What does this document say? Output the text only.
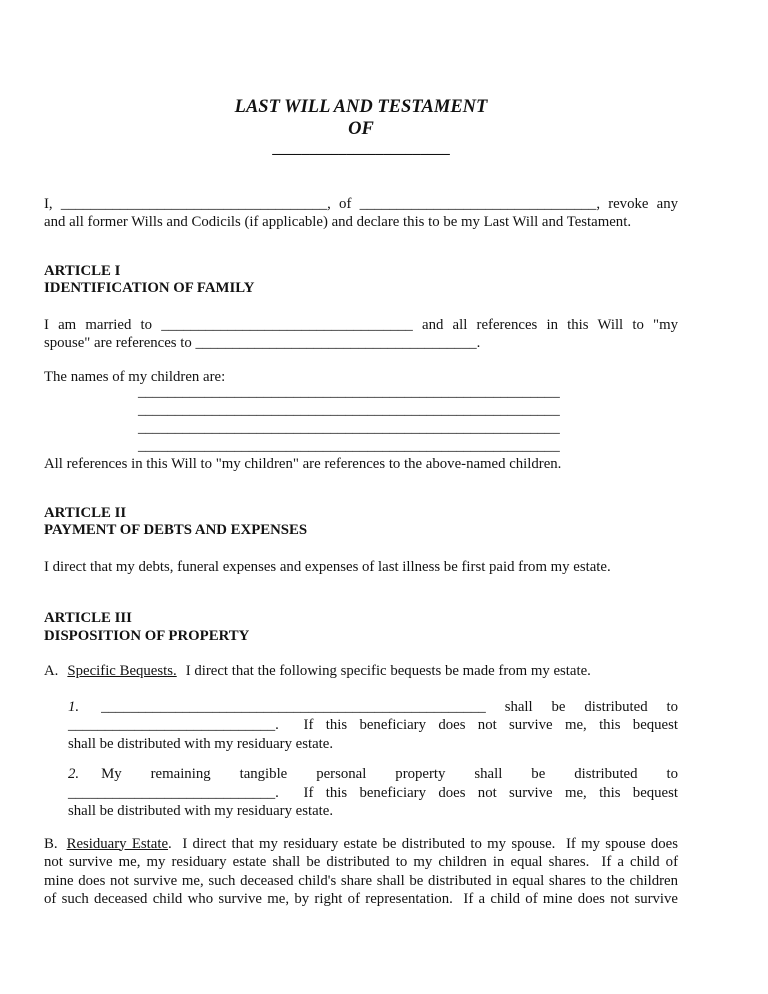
LAST WILL AND TESTAMENT
OF
________________________
I, ____________________________________, of ________________________________, revoke any
and all former Wills and Codicils (if applicable) and declare this to be my Last Will and Testament.
ARTICLE I
IDENTIFICATION OF FAMILY
I am married to __________________________________ and all references in this Will to "my
spouse" are references to ______________________________________.
The names of my children are:
_________________________________________________________
_________________________________________________________
_________________________________________________________
_________________________________________________________
All references in this Will to "my children" are references to the above-named children.
ARTICLE II
PAYMENT OF DEBTS AND EXPENSES
I direct that my debts, funeral expenses and expenses of last illness be first paid from my estate.
ARTICLE III
DISPOSITION OF PROPERTY
A. Specific Bequests. I direct that the following specific bequests be made from my estate.
1. ____________________________________________________ shall be distributed to
____________________________.  If this beneficiary does not survive me, this bequest
shall be distributed with my residuary estate.
2. My remaining tangible personal property shall be distributed to
____________________________.  If this beneficiary does not survive me, this bequest
shall be distributed with my residuary estate.
B. Residuary Estate.  I direct that my residuary estate be distributed to my spouse.  If my spouse does
not survive me, my residuary estate shall be distributed to my children in equal shares.  If a child of
mine does not survive me, such deceased child's share shall be distributed in equal shares to the children
of such deceased child who survive me, by right of representation.  If a child of mine does not survive
